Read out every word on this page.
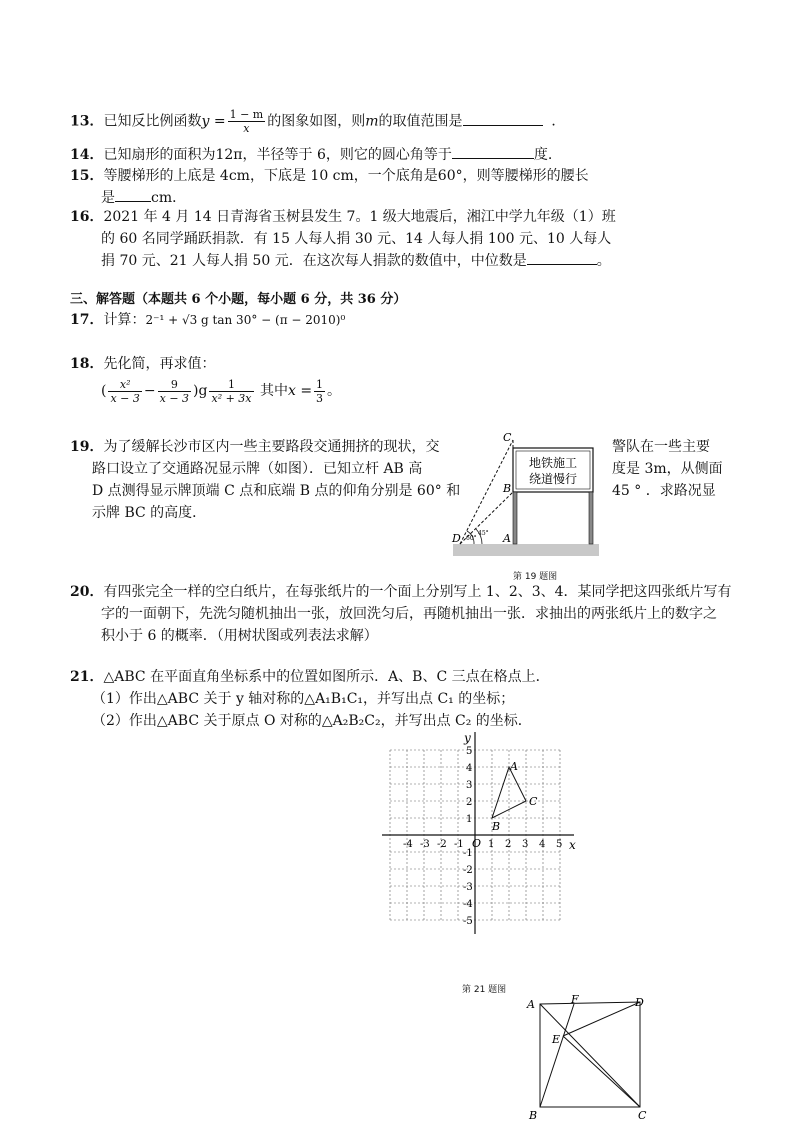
13．已知反比例函数$y = \frac{1 - m}{x}$ 的图象如图，则m的取值范围是	．
14．已知扇形的面积为12π，半径等于 6，则它的圆心角等于	度.
15．等腰梯形的上底是 4cm，下底是 10 cm，一个底角是60°，则等腰梯形的腰长
是	cm．
16．2021 年 4 月 14 日青海省玉树县发生 7。1 级大地震后，湘江中学九年级（1）班
的 60 名同学踊跃捐款．有 15 人每人捐 30 元、14 人每人捐 100 元、10 人每人
捐 70 元、21 人每人捐 50 元．在这次每人捐款的数值中，中位数是	。
三、解答题（本题共 6 个小题，每小题 6 分，共 36 分）
17．计算：2⁻¹ + √3 g tan 30° − (π − 2010)⁰
18．先化简，再求值：
( $\frac{\text{x²}}{x - 3} - \frac{9}{x - 3} )g \frac{1}{\text{x² + 3x}}$ 其中$x = \frac{1}{3}$ 。
19．为了缓解长沙市区内一些主要路段交通拥挤的现状，交
路口设立了交通路况显示牌（如图）．已知立杆 AB 高
D 点测得显示牌顶端 C 点和底端 B 点的仰角分别是 60° 和
示牌 BC 的高度．
警队在一些主要
度是 3m，从侧面
45 ° ．求路况显
地铁施工
绕道慢行
C
B
D	A
60°
45°
第 19 题图
20．有四张完全一样的空白纸片，在每张纸片的一个面上分别写上 1、2、3、4．某同学把这四张纸片写有
字的一面朝下，先洗匀随机抽出一张，放回洗匀后，再随机抽出一张．求抽出的两张纸片上的数字之
积小于 6 的概率．（用树状图或列表法求解）
21．△ABC 在平面直角坐标系中的位置如图所示．A、B、C 三点在格点上．
（1）作出△ABC 关于 y 轴对称的△A₁B₁C₁，并写出点 C₁ 的坐标；
（2）作出△ABC 关于原点 O 对称的△A₂B₂C₂，并写出点 C₂ 的坐标．
-4 -3 -2 -1 1 2 3 4 5
5
4
3
2
1
-1
-2
-3
-4
-5
A
B
C
y
x
O
第 21 题图
A	F	D
E
B	C
